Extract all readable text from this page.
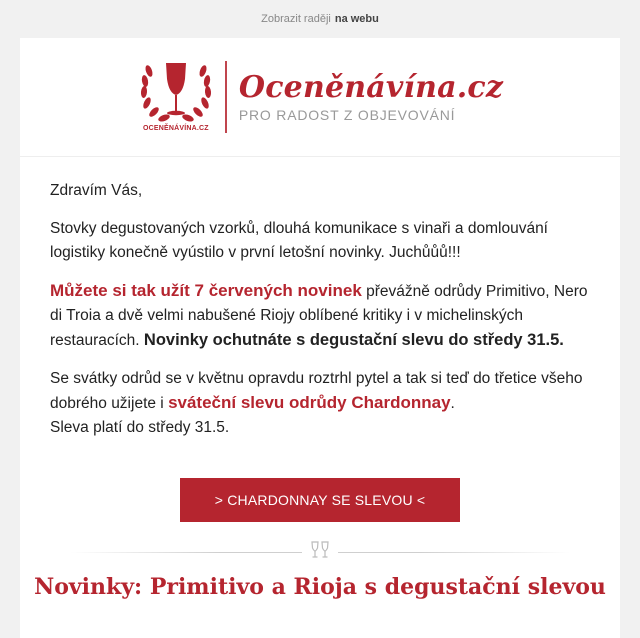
Zobrazit raději na webu
OCENĚNÁVÍNA.CZ
Oceněnávína.cz
PRO RADOST Z OBJEVOVÁNÍ

Zdravím Vás,

Stovky degustovaných vzorků, dlouhá komunikace s vinaři a domlouvání logistiky konečně vyústilo v první letošní novinky. Juchůůů!!!

Můžete si tak užít 7 červených novinek převážně odrůdy Primitivo, Nero di Troia a dvě velmi nabušené Riojy oblíbené kritiky i v michelinských restauracích. Novinky ochutnáte s degustační slevu do středy 31.5.

Se svátky odrůd se v květnu opravdu roztrhl pytel a tak si teď do třetice všeho dobrého užijete i sváteční slevu odrůdy Chardonnay.
Sleva platí do středy 31.5.

> CHARDONNAY SE SLEVOU <
Novinky: Primitivo a Rioja s degustační slevou
